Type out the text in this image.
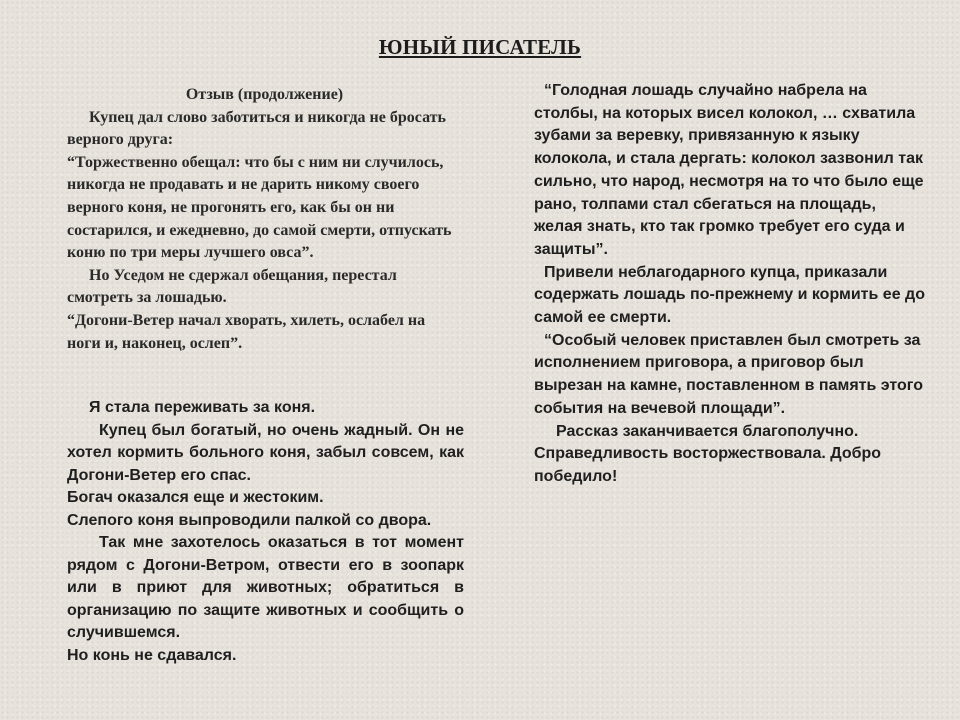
ЮНЫЙ ПИСАТЕЛЬ

Отзыв (продолжение)

Купец дал слово заботиться и никогда не бросать верного друга:

“Торжественно обещал: что бы с ним ни случилось, никогда не продавать и не дарить никому своего верного коня, не прогонять его, как бы он ни состарился, и ежедневно, до самой смерти, отпускать коню по три меры лучшего овса”.

Но Уседом не сдержал обещания, перестал смотреть за лошадью.

“Догони-Ветер начал хворать, хилеть, ослабел на ноги и, наконец, ослеп”.

Я стала переживать за коня.

Купец был богатый, но очень жадный. Он не хотел кормить больного коня, забыл совсем, как Догони-Ветер его спас.

Богач оказался еще и жестоким.

Слепого коня выпроводили палкой со двора.

Так мне захотелось оказаться в тот момент рядом с Догони-Ветром, отвести его в зоопарк или в приют для животных; обратиться в организацию по защите животных и сообщить о случившемся.

Но конь не сдавался.

“Голодная лошадь случайно набрела на столбы, на которых висел колокол, … схватила зубами за веревку, привязанную к языку колокола, и стала дергать: колокол зазвонил так сильно, что народ, несмотря на то что было еще рано, толпами стал сбегаться на площадь, желая знать, кто так громко требует его суда и защиты”.

Привели неблагодарного купца, приказали содержать лошадь по-прежнему и кормить ее до самой ее смерти.

“Особый человек приставлен был смотреть за исполнением приговора, а приговор был вырезан на камне, поставленном в память этого события на вечевой площади”.

Рассказ заканчивается благополучно. Справедливость восторжествовала. Добро победило!
